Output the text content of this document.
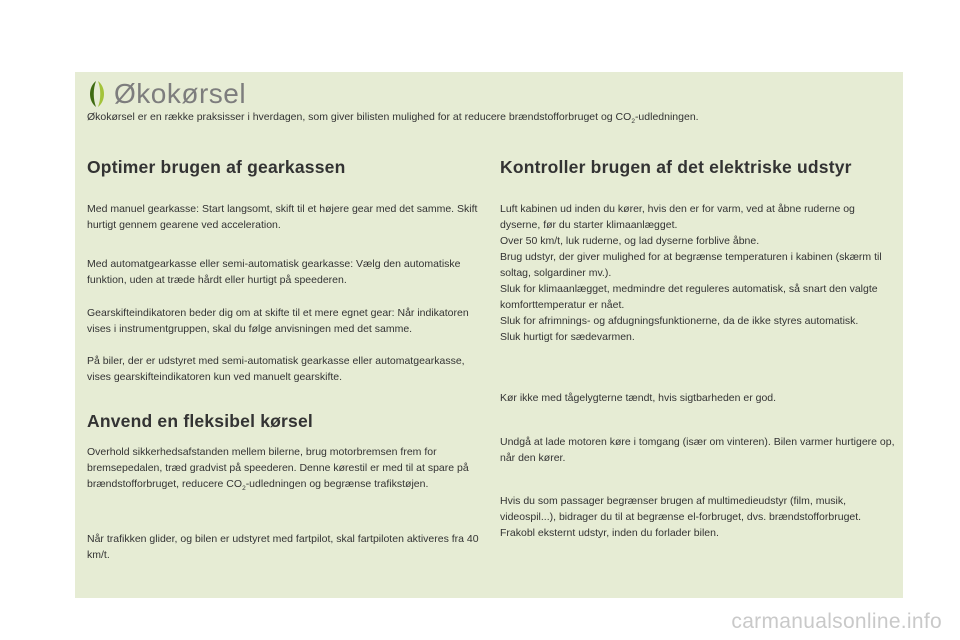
Økokørsel
Økokørsel er en række praksisser i hverdagen, som giver bilisten mulighed for at reducere brændstofforbruget og $CO_2$-udledningen.
Optimer brugen af gearkassen

Med manuel gearkasse: Start langsomt, skift til et højere gear med det samme. Skift hurtigt gennem gearene ved acceleration.

Med automatgearkasse eller semi-automatisk gearkasse: Vælg den automatiske funktion, uden at træde hårdt eller hurtigt på speederen.

Gearskifteindikatoren beder dig om at skifte til et mere egnet gear: Når indikatoren vises i instrumentgruppen, skal du følge anvisningen med det samme.

På biler, der er udstyret med semi-automatisk gearkasse eller automatgearkasse, vises gearskifteindikatoren kun ved manuelt gearskifte.

Anvend en fleksibel kørsel

Overhold sikkerhedsafstanden mellem bilerne, brug motorbremsen frem for bremsepedalen, træd gradvist på speederen. Denne kørestil er med til at spare på brændstofforbruget, reducere $CO_2$-udledningen og begrænse trafikstøjen.

Når trafikken glider, og bilen er udstyret med fartpilot, skal fartpiloten aktiveres fra 40 km/t.

Kontroller brugen af det elektriske udstyr
Luft kabinen ud inden du kører, hvis den er for varm, ved at åbne ruderne og dyserne, før du starter klimaanlægget.
Over 50 km/t, luk ruderne, og lad dyserne forblive åbne.
Brug udstyr, der giver mulighed for at begrænse temperaturen i kabinen (skærm til soltag, solgardiner mv.).
Sluk for klimaanlægget, medmindre det reguleres automatisk, så snart den valgte komforttemperatur er nået.
Sluk for afrimnings- og afdugningsfunktionerne, da de ikke styres automatisk.
Sluk hurtigt for sædevarmen.

Kør ikke med tågelygterne tændt, hvis sigtbarheden er god.

Undgå at lade motoren køre i tomgang (især om vinteren). Bilen varmer hurtigere op, når den kører.

Hvis du som passager begrænser brugen af multimedieudstyr (film, musik, videospil...), bidrager du til at begrænse el-forbruget, dvs. brændstofforbruget.
Frakobl eksternt udstyr, inden du forlader bilen.
carmanualsonline.info
